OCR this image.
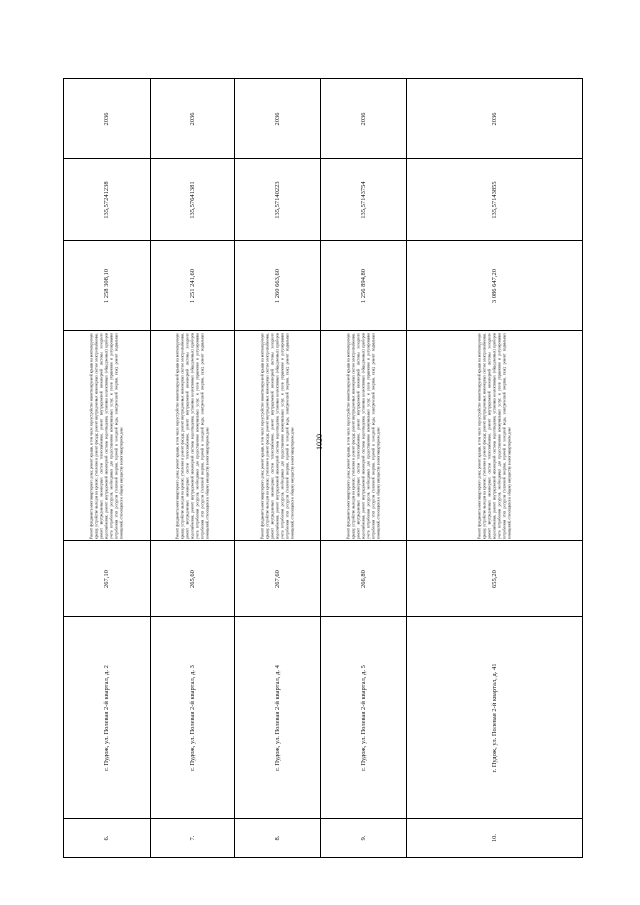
1020
2036
135,57241238
1 258 308,10
Ремонт фундамента многоквартирного дома; ремонт крыши, в том числе переустройство невентилируемой крыши на вентилируемую крышу, устройство выходов на кровлю; утепление и ремонт фасада; ремонт внутридомовых инженерных систем электроснабжения, ремонт внутридомовых инженерных систем теплоснабжения, ремонт внутридомовой инженерной системы холодного водоснабжения, ремонт внутридомовой инженерной системы водоотведения, установка коллективных (общедомовых) приборов учета потребления ресурсов, необходимых для предоставления коммунальных услуг, и узлов управления и регулирования потребления этих ресурсов (тепловой энергии, горячей и холодной воды, электрической энергии, газа); ремонт подвальных помещений, относящихся к общему имуществу в многоквартирном доме
267,10
г. Пудож, ул. Полевая 2-й квартал, д. 2
6.
2036
135,57641381
1 251 241,60
Ремонт фундамента многоквартирного дома; ремонт крыши, в том числе переустройство невентилируемой крыши на вентилируемую крышу, устройство выходов на кровлю; утепление и ремонт фасада; ремонт внутридомовых инженерных систем электроснабжения, ремонт внутридомовых инженерных систем теплоснабжения, ремонт внутридомовой инженерной системы холодного водоснабжения, ремонт внутридомовой инженерной системы водоотведения, установка коллективных (общедомовых) приборов учета потребления ресурсов, необходимых для предоставления коммунальных услуг, и узлов управления и регулирования потребления этих ресурсов (тепловой энергии, горячей и холодной воды, электрической энергии, газа); ремонт подвальных помещений, относящихся к общему имуществу в многоквартирном доме
265,60
г. Пудож, ул. Полевая 2-й квартал, д. 3
7.
2036
135,57140223
1 260 663,60
Ремонт фундамента многоквартирного дома; ремонт крыши, в том числе переустройство невентилируемой крыши на вентилируемую крышу, устройство выходов на кровлю; утепление и ремонт фасада; ремонт внутридомовых инженерных систем электроснабжения, ремонт внутридомовых инженерных систем теплоснабжения, ремонт внутридомовой инженерной системы холодного водоснабжения, ремонт внутридомовой инженерной системы водоотведения, установка коллективных (общедомовых) приборов учета потребления ресурсов, необходимых для предоставления коммунальных услуг, и узлов управления и регулирования потребления этих ресурсов (тепловой энергии, горячей и холодной воды, электрической энергии, газа); ремонт подвальных помещений, относящихся к общему имуществу в многоквартирном доме
267,60
г. Пудож, ул. Полевая 2-й квартал, д. 4
8.
2036
135,57143754
1 256 894,80
Ремонт фундамента многоквартирного дома; ремонт крыши, в том числе переустройство невентилируемой крыши на вентилируемую крышу, устройство выходов на кровлю; утепление и ремонт фасада; ремонт внутридомовых инженерных систем электроснабжения, ремонт внутридомовых инженерных систем теплоснабжения, ремонт внутридомовой инженерной системы холодного водоснабжения, ремонт внутридомовой инженерной системы водоотведения, установка коллективных (общедомовых) приборов учета потребления ресурсов, необходимых для предоставления коммунальных услуг, и узлов управления и регулирования потребления этих ресурсов (тепловой энергии, горячей и холодной воды, электрической энергии, газа); ремонт подвальных помещений, относящихся к общему имуществу в многоквартирном доме
266,80
г. Пудож, ул. Полевая 2-й квартал, д. 5
9.
2036
135,57143855
3 086 647,20
Ремонт фундамента многоквартирного дома; ремонт крыши, в том числе переустройство невентилируемой крыши на вентилируемую крышу, устройство выходов на кровлю; утепление и ремонт фасада; ремонт внутридомовых инженерных систем электроснабжения, ремонт внутридомовых инженерных систем теплоснабжения, ремонт внутридомовой инженерной системы холодного водоснабжения, ремонт внутридомовой инженерной системы водоотведения, установка коллективных (общедомовых) приборов учета потребления ресурсов, необходимых для предоставления коммунальных услуг, и узлов управления и регулирования потребления этих ресурсов (тепловой энергии, горячей и холодной воды, электрической энергии, газа); ремонт подвальных помещений, относящихся к общему имуществу в многоквартирном доме
655,20
г. Пудож, ул. Полевая 2-й квартал, д. 41
10.
